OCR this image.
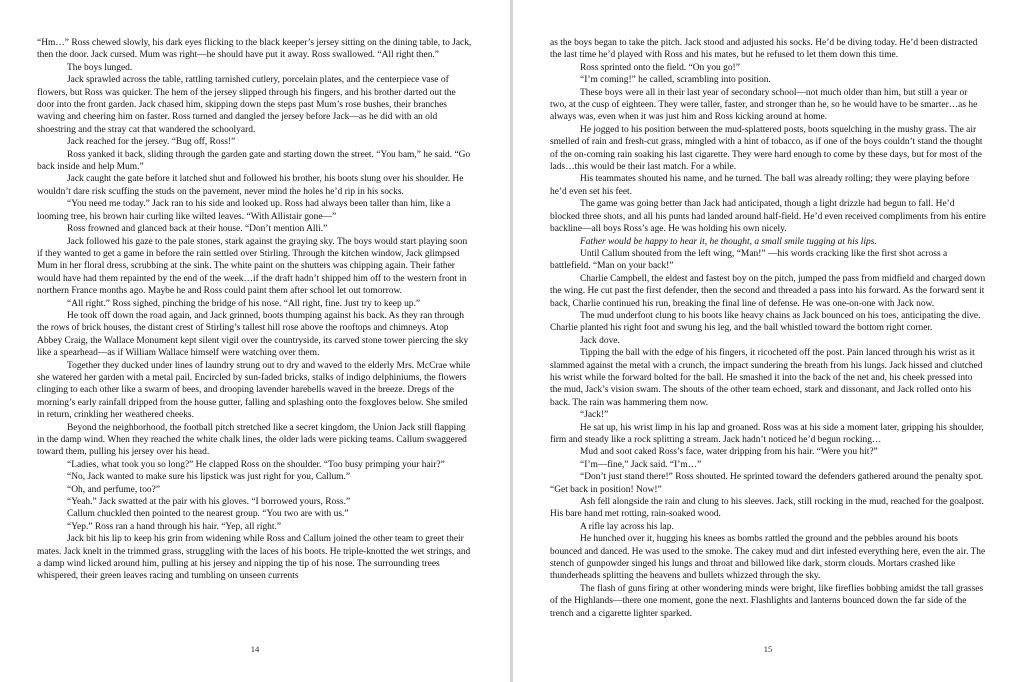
“Hm…” Ross chewed slowly, his dark eyes flicking to the black keeper’s jersey sitting on the dining table, to Jack, then the door. Jack cursed. Mum was right—he should have put it away. Ross swallowed. “All right then.”

The boys lunged.

Jack sprawled across the table, rattling tarnished cutlery, porcelain plates, and the centerpiece vase of flowers, but Ross was quicker. The hem of the jersey slipped through his fingers, and his brother darted out the door into the front garden. Jack chased him, skipping down the steps past Mum’s rose bushes, their branches waving and cheering him on faster. Ross turned and dangled the jersey before Jack—as he did with an old shoestring and the stray cat that wandered the schoolyard.

Jack reached for the jersey. “Bug off, Ross!”

Ross yanked it back, sliding through the garden gate and starting down the street. “You bam,” he said. “Go back inside and help Mum.”

Jack caught the gate before it latched shut and followed his brother, his boots slung over his shoulder. He wouldn’t dare risk scuffing the studs on the pavement, never mind the holes he’d rip in his socks.

“You need me today.” Jack ran to his side and looked up. Ross had always been taller than him, like a looming tree, his brown hair curling like wilted leaves. “With Allistair gone—”

Ross frowned and glanced back at their house. “Don’t mention Alli.”

Jack followed his gaze to the pale stones, stark against the graying sky. The boys would start playing soon if they wanted to get a game in before the rain settled over Stirling. Through the kitchen window, Jack glimpsed Mum in her floral dress, scrubbing at the sink. The white paint on the shutters was chipping again. Their father would have had them repainted by the end of the week…if the draft hadn’t shipped him off to the western front in northern France months ago. Maybe he and Ross could paint them after school let out tomorrow.

“All right.” Ross sighed, pinching the bridge of his nose. “All right, fine. Just try to keep up.”

He took off down the road again, and Jack grinned, boots thumping against his back. As they ran through the rows of brick houses, the distant crest of Stirling’s tallest hill rose above the rooftops and chimneys. Atop Abbey Craig, the Wallace Monument kept silent vigil over the countryside, its carved stone tower piercing the sky like a spearhead—as if William Wallace himself were watching over them.

Together they ducked under lines of laundry strung out to dry and waved to the elderly Mrs. McCrae while she watered her garden with a metal pail. Encircled by sun-faded bricks, stalks of indigo delphiniums, the flowers clinging to each other like a swarm of bees, and drooping lavender harebells waved in the breeze. Dregs of the morning’s early rainfall dripped from the house gutter, falling and splashing onto the foxgloves below. She smiled in return, crinkling her weathered cheeks.

Beyond the neighborhood, the football pitch stretched like a secret kingdom, the Union Jack still flapping in the damp wind. When they reached the white chalk lines, the older lads were picking teams. Callum swaggered toward them, pulling his jersey over his head.

“Ladies, what took you so long?” He clapped Ross on the shoulder. “Too busy primping your hair?”

“No, Jack wanted to make sure his lipstick was just right for you, Callum.”

“Oh, and perfume, too?”

“Yeah.” Jack swatted at the pair with his gloves. “I borrowed yours, Ross.”

Callum chuckled then pointed to the nearest group. “You two are with us.”

“Yep.” Ross ran a hand through his hair. “Yep, all right.”

Jack bit his lip to keep his grin from widening while Ross and Callum joined the other team to greet their mates. Jack knelt in the trimmed grass, struggling with the laces of his boots. He triple-knotted the wet strings, and a damp wind licked around him, pulling at his jersey and nipping the tip of his nose. The surrounding trees whispered, their green leaves racing and tumbling on unseen currents

14

as the boys began to take the pitch. Jack stood and adjusted his socks. He’d be diving today. He’d been distracted the last time he’d played with Ross and his mates, but he refused to let them down this time.

Ross sprinted onto the field. “On you go!”

“I’m coming!” he called, scrambling into position.

These boys were all in their last year of secondary school—not much older than him, but still a year or two, at the cusp of eighteen. They were taller, faster, and stronger than he, so he would have to be smarter…as he always was, even when it was just him and Ross kicking around at home.

He jogged to his position between the mud-splattered posts, boots squelching in the mushy grass. The air smelled of rain and fresh-cut grass, mingled with a hint of tobacco, as if one of the boys couldn’t stand the thought of the on-coming rain soaking his last cigarette. They were hard enough to come by these days, but for most of the lads…this would be their last match. For a while.

His teammates shouted his name, and he turned. The ball was already rolling; they were playing before he’d even set his feet.

The game was going better than Jack had anticipated, though a light drizzle had begun to fall. He’d blocked three shots, and all his punts had landed around half-field. He’d even received compliments from his entire backline—all boys Ross’s age. He was holding his own nicely.

Father would be happy to hear it, he thought, a small smile tugging at his lips.

Until Callum shouted from the left wing, “Man!” —his words cracking like the first shot across a battlefield. “Man on your back!”

Charlie Campbell, the eldest and fastest boy on the pitch, jumped the pass from midfield and charged down the wing. He cut past the first defender, then the second and threaded a pass into his forward. As the forward sent it back, Charlie continued his run, breaking the final line of defense. He was one-on-one with Jack now.

The mud underfoot clung to his boots like heavy chains as Jack bounced on his toes, anticipating the dive. Charlie planted his right foot and swung his leg, and the ball whistled toward the bottom right corner.

Jack dove.

Tipping the ball with the edge of his fingers, it ricocheted off the post. Pain lanced through his wrist as it slammed against the metal with a crunch, the impact sundering the breath from his lungs. Jack hissed and clutched his wrist while the forward bolted for the ball. He smashed it into the back of the net and, his cheek pressed into the mud, Jack’s vision swam. The shouts of the other team echoed, stark and dissonant, and Jack rolled onto his back. The rain was hammering them now.

“Jack!”

He sat up, his wrist limp in his lap and groaned. Ross was at his side a moment later, gripping his shoulder, firm and steady like a rock splitting a stream. Jack hadn’t noticed he’d begun rocking…

Mud and soot caked Ross’s face, water dripping from his hair. “Were you hit?”

“I’m—fine,” Jack said. “I’m…”

“Don’t just stand there!” Ross shouted. He sprinted toward the defenders gathered around the penalty spot. “Get back in position! Now!”

Ash fell alongside the rain and clung to his sleeves. Jack, still rocking in the mud, reached for the goalpost. His bare hand met rotting, rain-soaked wood.

A rifle lay across his lap.

He hunched over it, hugging his knees as bombs rattled the ground and the pebbles around his boots bounced and danced. He was used to the smoke. The cakey mud and dirt infested everything here, even the air. The stench of gunpowder singed his lungs and throat and billowed like dark, storm clouds. Mortars crashed like thunderheads splitting the heavens and bullets whizzed through the sky.

The flash of guns firing at other wondering minds were bright, like fireflies bobbing amidst the tall grasses of the Highlands—there one moment, gone the next. Flashlights and lanterns bounced down the far side of the trench and a cigarette lighter sparked.

15
